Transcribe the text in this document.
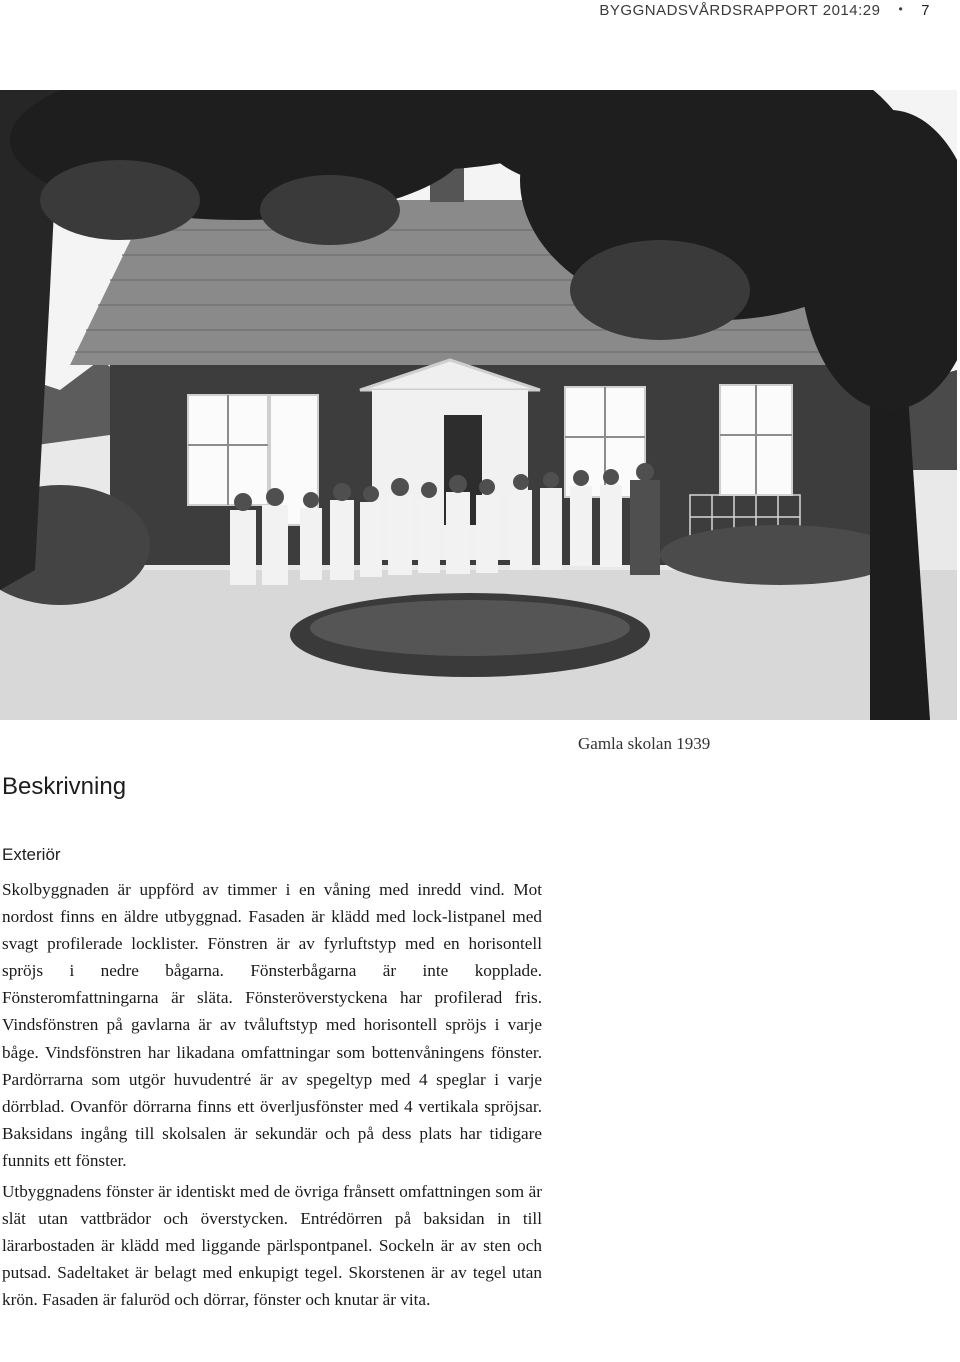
BYGGNADSVÅRDSRAPPORT 2014:29 • 7
Gamla skolan 1939
Beskrivning
Exteriör

Skolbyggnaden är uppförd av timmer i en våning med inredd vind. Mot nordost finns en äldre utbyggnad. Fasaden är klädd med lock-listpanel med svagt profilerade locklister. Fönstren är av fyrluftstyp med en horisontell spröjs i nedre bågarna. Fönsterbågarna är inte kopplade. Fönsteromfattningarna är släta. Fönsteröverstyckena har profilerad fris. Vindsfönstren på gavlarna är av tvåluftstyp med horisontell spröjs i varje båge. Vindsfönstren har likadana omfattningar som bottenvåningens fönster. Pardörrarna som utgör huvudentré är av spegeltyp med 4 speglar i varje dörrblad. Ovanför dörrarna finns ett överljusfönster med 4 vertikala spröjsar. Baksidans ingång till skolsalen är sekundär och på dess plats har tidigare funnits ett fönster.

Utbyggnadens fönster är identiskt med de övriga frånsett omfattningen som är slät utan vattbrädor och överstycken. Entrédörren på baksidan in till lärarbostaden är klädd med liggande pärlspontpanel. Sockeln är av sten och putsad. Sadeltaket är belagt med enkupigt tegel. Skorstenen är av tegel utan krön. Fasaden är faluröd och dörrar, fönster och knutar är vita.
